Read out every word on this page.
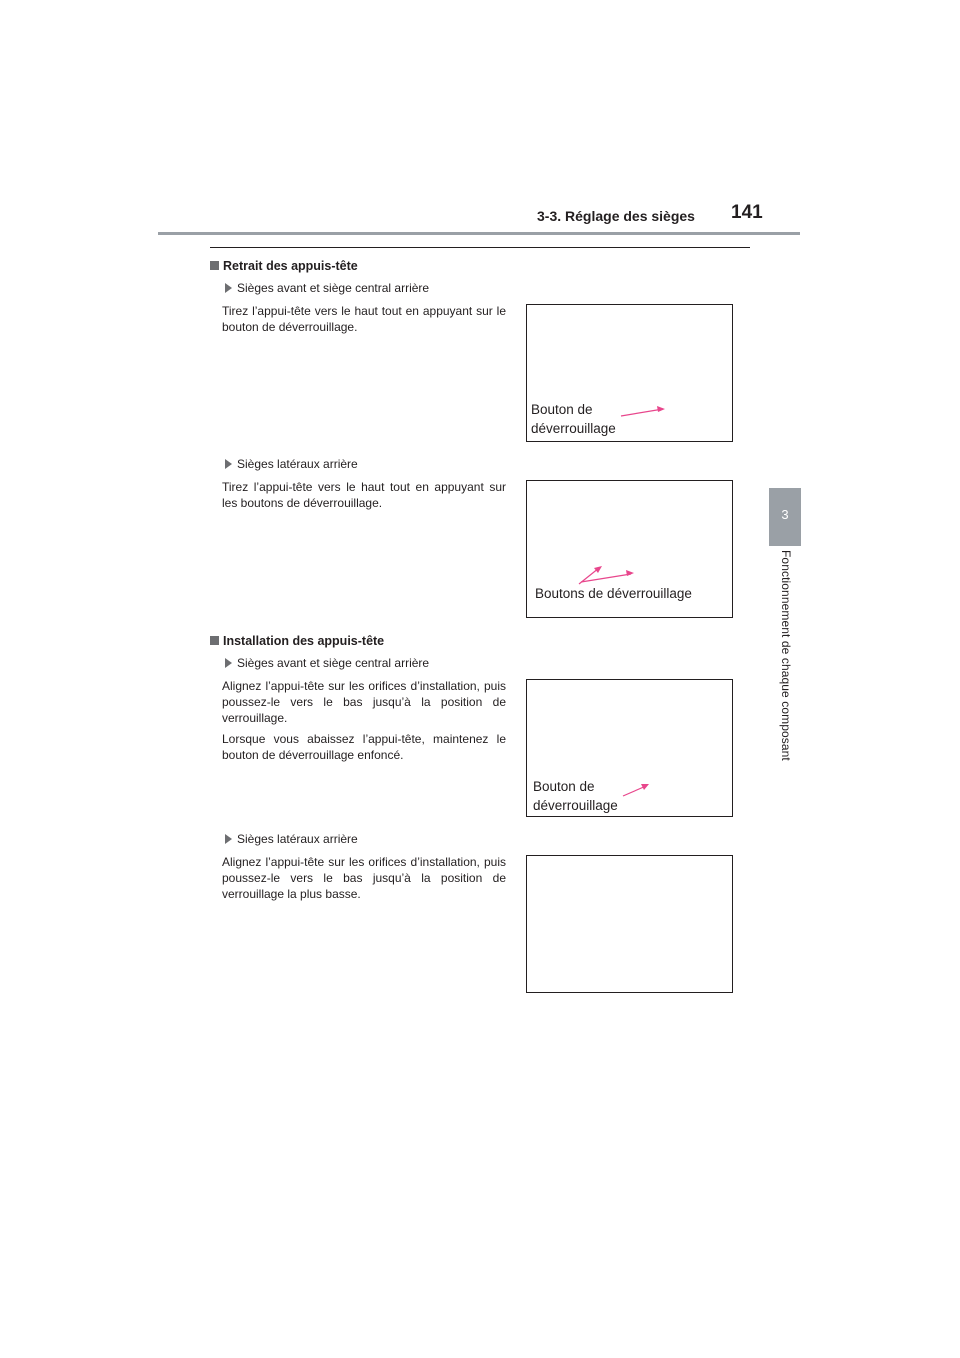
3-3. Réglage des sièges 141
3
Fonctionnement de chaque composant
Retrait des appuis-tête
Sièges avant et siège central arrière
Tirez l’appui-tête vers le haut tout en appuyant sur le bouton de déverrouillage.
Bouton de
déverrouillage
Sièges latéraux arrière
Tirez l’appui-tête vers le haut tout en appuyant sur les boutons de déverrouillage.
Boutons de déverrouillage
Installation des appuis-tête
Sièges avant et siège central arrière
Alignez l’appui-tête sur les orifices d’installation, puis poussez-le vers le bas jusqu’à la position de verrouillage.
Lorsque vous abaissez l’appui-tête, maintenez le bouton de déverrouillage enfoncé.
Bouton de
déverrouillage
Sièges latéraux arrière
Alignez l’appui-tête sur les orifices d’installation, puis poussez-le vers le bas jusqu’à la position de verrouillage la plus basse.
